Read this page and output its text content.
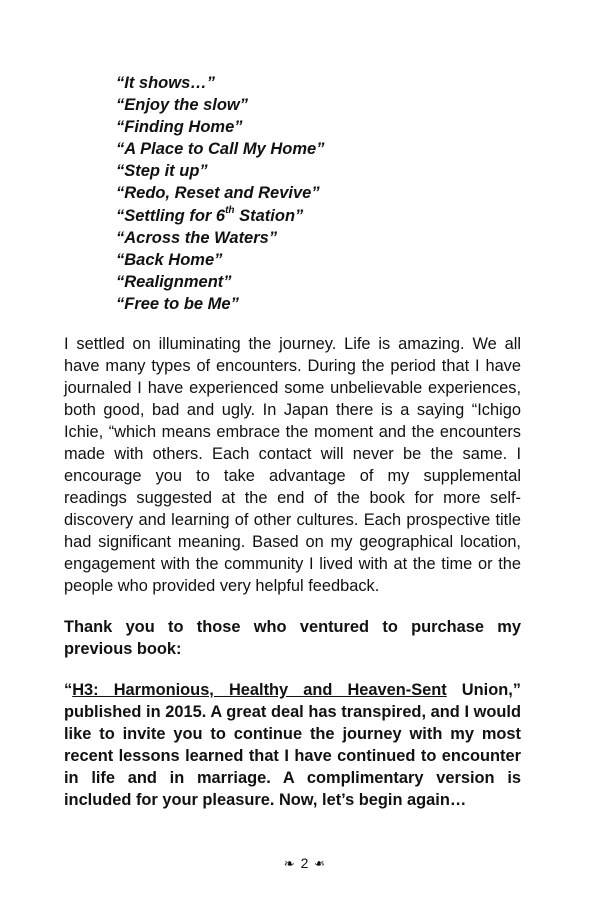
“It shows…”
“Enjoy the slow”
“Finding Home”
“A Place to Call My Home”
“Step it up”
“Redo, Reset and Revive”
“Settling for 6th Station”
“Across the Waters”
“Back Home”
“Realignment”
“Free to be Me”

I settled on illuminating the journey. Life is amazing. We all have many types of encounters. During the period that I have journaled I have experienced some unbelievable experiences, both good, bad and ugly. In Japan there is a saying “Ichigo Ichie, “which means embrace the moment and the encounters made with others. Each contact will never be the same. I encourage you to take advantage of my supplemental readings suggested at the end of the book for more self-discovery and learning of other cultures. Each prospective title had significant meaning. Based on my geographical location, engagement with the community I lived with at the time or the people who provided very helpful feedback.

Thank you to those who ventured to purchase my previous book:

“H3: Harmonious, Healthy and Heaven-Sent Union,” published in 2015. A great deal has transpired, and I would like to invite you to continue the journey with my most recent lessons learned that I have continued to encounter in life and in marriage. A complimentary version is included for your pleasure. Now, let’s begin again…

❧ 2 ❧
